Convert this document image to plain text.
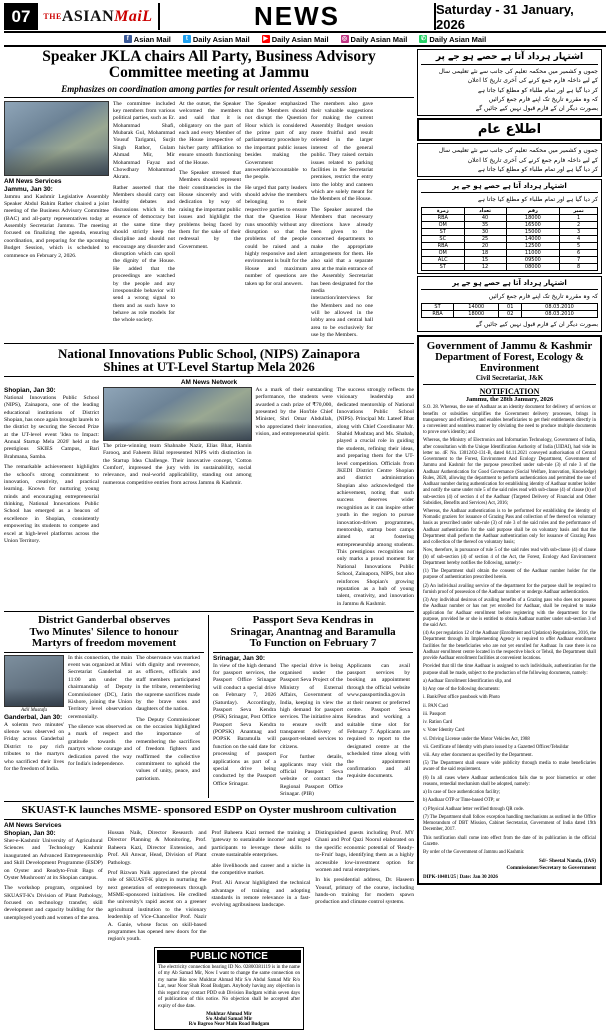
07	THE ASIAN MaiL	NEWS	Saturday - 31 January, 2026
f Asian Mail	t Daily Asian Mail ▶ Daily Asian Mail ◎ Daily Asian Mail ✆ Daily Asian Mail
Speaker JKLA chairs All Party, Business Advisory Committee meeting at Jammu
Emphasizes on coordination among parties for result oriented Assembly session
AM News Services
Jammu, Jan 30:
Jammu and Kashmir Legislative Assembly Speaker Abdul Rahim Rather chaired a joint meeting of the Business Advisory Committee (BAC) and all-party representatives today at Assembly Secretariat Jammu. The meeting focused on finalizing the agenda, ensuring coordination, and preparing for the upcoming Budget Session, which is scheduled to commence on February 2, 2026.
The committee included key members from various political parties, such as Er. Mohammad Shafi, Mubarak Gul, Mohammad Yousuf Tarigami, Surjit Singh Rathor, Gulam Ahmad Mir, Mir Mohammad Fayaz and Chowdhary Mohammad Akram.
Rather asserted that the Members should carry out healthy debates and discussions which is the essence of democracy but at the same time they should strictly keep the discipline and should not encourage any disorder and disruption which can spoil the dignity of the House. He added that the proceedings are watched by the people and any irresponsible behavior will send a wrong signal to them and as such have to behave as role models for the whole society.
At the outset, the Speaker welcomed the members and said that it is obligatory on the part of each and every Member of the House irrespective of his/her party affiliation to ensure smooth functioning of the House.
The Speaker stressed that Members should represent their constituencies in the House sincerely and with dedication by way of raising the important public issues and highlight the problems being faced by them for the sake of their redressal by the Government.
The Speaker emphasized that the Members should not disrupt the Question Hour which is considered the prime part of any parliamentary procedure by the important public issues besides making the Government answerable/accountable to the people.
He urged that party leaders should advise the members belonging to their respective parties to ensure that the Question Hour runs smoothly without any disruption so that the problems of the people could be raised and a highly responsive and alert environment is built for the House and maximum number of questions are taken up for oral answers.
The members also gave their valuable suggestions for making the current Assembly Budget session more fruitful and result oriented in the larger interest of the general public. They raised certain issues related to parking facilities in the Secretariat premises, restrict the entry into the lobby and canteen which are solely meant for the Members of the House.
The Speaker assured the Members that necessary directions have already been given to the concerned departments to make the appropriate arrangements for them. He also said that a separate area at the main entrance of the Assembly Secretariat has been designated for the media interaction/interviews for the Members and no one will be allowed in the lobby area and central hall area to be exclusively for use by the Members.
National Innovations Public School, (NIPS) Zainapora
Shines at UT-Level Startup Mela 2026
AM News Network
Shopian, Jan 30:
National Innovations Public School (NIPS), Zainapora, one of the leading educational institutions of District Shopian, has once again brought laurels to the district by securing the Second Prize at the UT-level event 'Idea to Impact: Annual Startup Mela 2026' held at the prestigious SKIES Campus, Bari Brahmana, Samba.
The remarkable achievement highlights the school's strong commitment to innovation, creativity, and practical learning. Known for nurturing young minds and encouraging entrepreneurial thinking, National Innovations Public School has emerged as a beacon of excellence in Shopian, consistently empowering its students to compete and excel at high-level platforms across the Union Territory.
The prize-winning team Shahnabe Nazir, Elias Bhat, Hamin Farooq, and Faheem Bilal represented NIPS with distinction in the Startup Idea Challenge. Their innovative concept, 'Cotton Comfort', impressed the jury with its sustainability, social relevance, and real-world applicability, standing out among numerous competitive entries from across Jammu & Kashmir.
As a mark of their outstanding performance, the students were awarded a cash prize of ₹70,000, presented by the Hon'ble Chief Minister, Shri Omar Abdullah, who appreciated their innovation, vision, and entrepreneurial spirit.
The success strongly reflects the visionary leadership and dedicated mentorship of National Innovations Public School (NIPS). Principal Mr. Lateef Bhat along with Chief Coordinator Mr. Shahid Mushtaq and Ms. Shabab, played a crucial role in guiding the students, refining their ideas, and preparing them for the UT-level competition. Officials from JKEDI District Centre Shopian and district administration Shopian also acknowledged the achievement, noting that such success deserves wider recognition as it can inspire other youth in the region to pursue innovation-driven programmes, mentorship, startup boot camps aimed at fostering entrepreneurship among students. This prestigious recognition not only marks a proud moment for National Innovations Public School, Zainapora, NIPS, but also reinforces Shopian's growing reputation as a hub of young talent, creativity, and innovation in Jammu & Kashmir.
District Ganderbal observes
Two Minutes' Silence to honour
Martyrs of freedom movement
Adil Mustafa
Ganderbal, Jan 30:
A solemn two minutes' silence was observed on Friday across Ganderbal District to pay rich tributes to the martyrs who sacrificed their lives for the freedom of India.
In this connection, the main event was organized at Mini Secretariat Ganderbal at 11:00 am under the chairmanship of Deputy Commissioner (DC), Jatin Kishore, joining the Union Territory level observation ceremonially.
The silence was observed as a mark of respect and gratitude towards the martyrs whose courage and dedication paved the way for India's independence.
The observance was marked with dignity and reverence, as officers, officials and staff members participated in the tribute, remembering the supreme sacrifices made by the brave sons and daughters of the nation.
The Deputy Commissioner on the occasion highlighted the importance of remembering the sacrifices of freedom fighters and reaffirmed the collective commitment to uphold the values of unity, peace, and patriotism.
Passport Seva Kendras in
Srinagar, Anantnag and Baramulla
To Function on February 7
Srinagar, Jan 30:
In view of the high demand for passport services, the Passport Office Srinagar will conduct a special drive on February 7, 2026 (Saturday). Accordingly, Passport Seva Kendra (PSK) Srinagar, Post Office Passport Seva Kendra (POPSK) Anantnag and POPSK Baramulla will function on the said date for processing of passport applications as part of a special drive being conducted by the Passport Office Srinagar.
The special drive is being organised under the Passport Seva Project of the Ministry of External Affairs, Government of India, keeping in view the high demand for passport services. The initiative aims to ensure swift and transparent delivery of passport-related services to citizens.
For further details, applicants may visit the official Passport Seva website or contact the Regional Passport Office Srinagar. (PIB)
Applicants can avail passport services by booking an appointment through the official website www.passportindia.gov.in at their nearest or preferred centre. Passport Seva Kendras and working a suitable time slot for February 7. Applicants are required to report to the designated centre at the scheduled time along with the appointment confirmation and all requisite documents.
SKUAST-K launches MSME- sponsored ESDP on Oyster mushroom cultivation
AM News Services
Shopian, Jan 30:
Sher-e-Kashmir University of Agricultural Sciences and Technology Kashmir inaugurated an Advanced Entrepreneurship and Skill Development Programme (ESDP) on Oyster and Readyto-Fruit Bags of Oyster Mushroom' at its Shopian campus.
The workshop program, organised by SKUAST-K's Division of Plant Pathology, focused on technology transfer, skill development and capacity building for the unemployed youth and women of the area.
Hussan Naik, Director Research and Director Planning & Monitoring, Prof. Baheera Kazi, Director Extension, and Prof. Ali Anwar, Head, Division of Plant Pathology.
Prof Rizwan Naik appreciated the pivotal role of SKUAST-K plays in nurturing the next generation of entrepreneurs through MSME-sponsored initiatives. He credited the university's rapid ascent on a greener agricultural institution to the visionary leadership of Vice-Chancellor Prof. Nazir A. Ganie, whose focus on skill-based programmes has opened new doors for the region's youth.
Prof Baheera Kazi termed the training a 'gateway to sustainable income' and urged participants to leverage these skills to create sustainable enterprises.
able livelihoods and career and a niche in the competitive market.
Prof. Ali Anwar highlighted the technical advantage of training and adopting standards in remote relevance in a fast-evolving agribusiness landscape.
Distinguished guests including Prof. MY Ghani and Prof Qazi Noorul elaborated on the specific economic potential of 'Ready-to-Fruit' bags, identifying them as a highly accessible low-investment option for women and rural enterprises.
In his presidential address, Dr. Haseem Yousuf, primary of the course, including hands-on training for modern spawn production and climate control systems.
PUBLIC NOTICE
The electricity connection bearing ID No. 02800381119 is in the name of my Ab Samad Mir, Now I want to change the same connection on my name Bio now Mukhtar Ahmad Mir S/o Abdul Samad Mir R/o Lar, near Noor Shah Road Budgam. Anybody having any objection in this regard may contact PDD sub Division Budgam within seven days of publication of this notice. No objection shall be accepted after expiry of due date.
Mukhtar Ahmad Mir
S/o Abdul Samad Mir
R/o Bagroo Near Main Road Budgam
اشتہار ہرداد آتا ہے حصے ہو جے پر
جموں و کشمیر میں محکمہ تعلیم کی جانب سے نئے تعلیمی سال
کے لیے داخلہ فارم جمع کرنے کی آخری تاریخ کا اعلان
کر دیا گیا ہے اور تمام طلباء کو مطلع کیا جاتا ہے
کہ وہ مقررہ تاریخ تک اپنے فارم جمع کرائیں
بصورت دیگر ان کے فارم قبول نہیں کیے جائیں گے
اطلاع عام
جموں و کشمیر میں محکمہ تعلیم کی جانب سے نئے تعلیمی سال
کے لیے داخلہ فارم جمع کرنے کی آخری تاریخ کا اعلان
کر دیا گیا ہے اور تمام طلباء کو مطلع کیا جاتا ہے
اشتہار ہرداد آتا ہے حصے ہو جے پر
کر دیا گیا ہے اور تمام طلباء کو مطلع کیا جاتا ہے
نمبر	رقم	تعداد	زمرہ
1	18000	40	RBA
2	16500	35	OM
3	15000	30	ST
4	14000	25	SC
5	12500	20	RBA
6	11000	18	OM
7	09500	15	ALC
8	08000	12	ST
اشتہار ہرداد آتا ہے حصے ہو جے پر
کہ وہ مقررہ تاریخ تک اپنے فارم جمع کرائیں
08.03.2010	01	14000	ST
08.03.2010	02	18000	RBA
بصورت دیگر ان کے فارم قبول نہیں کیے جائیں گے
Government of Jammu & Kashmir
Department of Forest, Ecology & Environment
Civil Secretariat, J&K
NOTIFICATION
Jammu, the 28th January, 2026

S.O. 28. Whereas, the use of Aadhaar as an identity document for delivery of services or benefits or subsidies simplifies the Government delivery processes, brings in transparency and efficiency, and enables beneficiaries to get their entitlements directly in a convenient and seamless manner by obviating the need to produce multiple documents to prove one's identity; and

Whereas, the Ministry of Electronics and Information Technology, Government of India, after consultation with the Unique Identification Authority of India (UIDAI), had vide its letter no. 4F. No. 13012/02-131-B, dated 04.11.2021 conveyed authorisation of Central Government to the Forest, Environment And Ecology Department, Government of Jammu and Kashmir for the purpose prescribed under sub-rule (3) of rule 3 of the Aadhaar Authentication for Good Governance (Social Welfare, Innovation, Knowledge) Rules, 2020, allowing the department to perform authentication and permitted the use of Aadhaar number during authentication for establishing identity of Aadhaar number holder and notify the same under rule 5 of the said rules read with sub-clause (4) of clause (b) of sub-section (4) of section 4 of the Aadhaar (Targeted Delivery of Financial and Other Subsidies, Benefits and Services) Act, 2016;

Whereas, the Aadhaar authentication is to be performed for establishing the identity of Nomadic graziers for issuance of Grazing Pass and collection of fee thereof on voluntary basis as prescribed under sub-rule (3) of rule 3 of the said rules and the performance of Aadhaar authentication for the said purpose shall be on voluntary basis and that the Department shall perform the Aadhaar authentication only for issuance of Grazing Pass and collection of the thereof on voluntary basis;

Now, therefore, in pursuance of rule 5 of the said rules read with sub-clause (4) of clause (b) of sub-section (4) of section 4 of the Act, the Forest, Ecology And Environment Department hereby notifies the following, namely:-

(1) The Department shall obtain the consent of the Aadhaar number holder for the purpose of authentication prescribed herein.

(2) An individual availing service of the department for the purpose shall be required to furnish proof of possession of the Aadhaar number or undergo Aadhaar authentication.

(3) Any individual desirous of availing benefits of a Grazing pass who does not possess the Aadhaar number or has not yet enrolled for Aadhaar, shall be required to make application for Aadhaar enrollment before registering with the department for the purpose, provided he or she is entitled to obtain Aadhaar number under sub-section 3 of the said Act.

(4) As per regulation 12 of the Aadhaar (Enrollment and Updation) Regulations, 2016, the Department through its Implementing Agency is required to offer Aadhaar enrollment facilities for the beneficiaries who are not yet enrolled for Aadhaar. In case there is no Aadhaar enrollment centre located in the respective block or Tehsil, the Department shall provide Aadhaar enrollment facilities at convenient locations.

Provided that till the time Aadhaar is assigned to such individuals, authentication for the purpose shall be made, subject to the production of the following documents, namely:

a) Aadhaar Enrollment Identification slip, and

b) Any one of the following documents:

i. Bank/Post office passbook with Photo

ii. PAN Card

iii. Passport

iv. Ration Card

v. Voter Identity Card

vi. Driving License under the Motor Vehicles Act, 1988

vii. Certificate of Identity with photo issued by a Gazetted Officer/Tehsildar

viii. Any other document as specified by the Department.

(5) The Department shall ensure wide publicity through media to make beneficiaries aware of the said requirement.

(6) In all cases where Aadhaar authentication fails due to poor biometrics or other reasons, remedial mechanism shall be adopted, namely:

a) In case of face authentication facility;

b) Aadhaar OTP or Time-based OTP; or

c) Physical Aadhaar letter verified through QR code.

(7) The Department shall follow exception handling mechanisms as outlined in the Office Memorandum of DBT Mission, Cabinet Secretariat, Government of India dated 19th December, 2017.

This notification shall come into effect from the date of its publication in the official Gazette.

By order of the Government of Jammu and Kashmir.

Sd/- Sheetal Nanda, (IAS)
Commissioner/Secretary to Government
DIPK-10481/25 | Date: Jan 30 2026
